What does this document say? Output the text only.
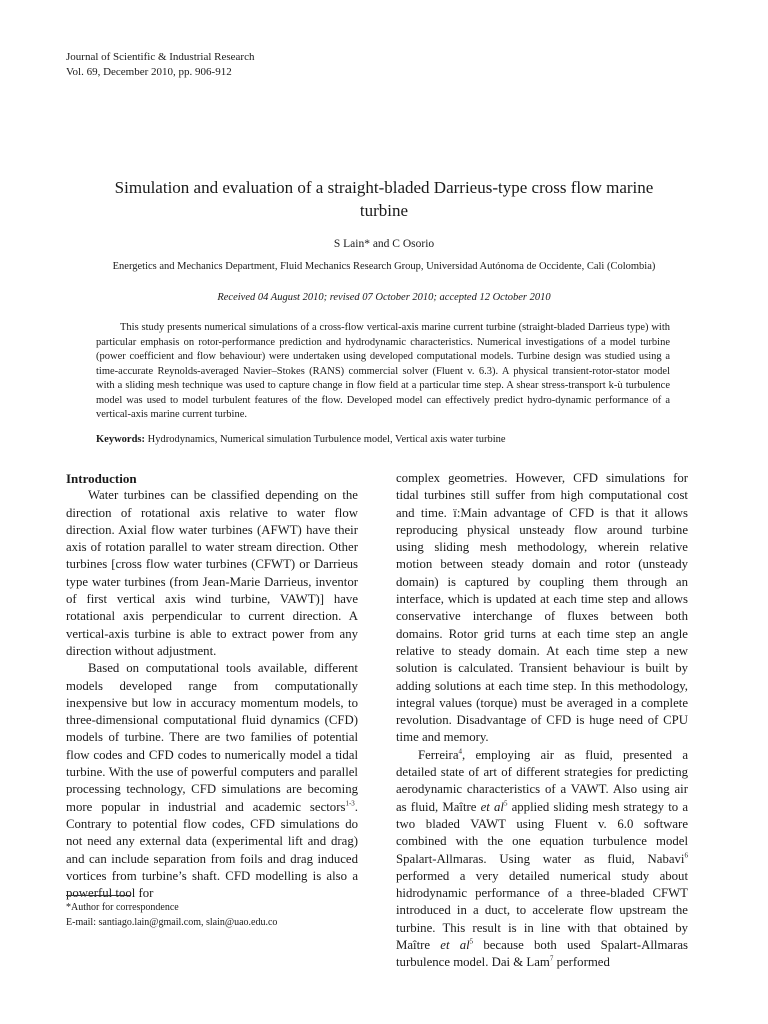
Journal of Scientific & Industrial Research
Vol. 69, December 2010, pp. 906-912
Simulation and evaluation of a straight-bladed Darrieus-type cross flow marine turbine
S Lain* and C Osorio
Energetics and Mechanics Department, Fluid Mechanics Research Group, Universidad Autónoma de Occidente, Cali (Colombia)
Received 04 August 2010; revised 07 October 2010; accepted 12 October 2010
This study presents numerical simulations of a cross-flow vertical-axis marine current turbine (straight-bladed Darrieus type) with particular emphasis on rotor-performance prediction and hydrodynamic characteristics. Numerical investigations of a model turbine (power coefficient and flow behaviour) were undertaken using developed computational models. Turbine design was studied using a time-accurate Reynolds-averaged Navier–Stokes (RANS) commercial solver (Fluent v. 6.3). A physical transient-rotor-stator model with a sliding mesh technique was used to capture change in flow field at a particular time step. A shear stress-transport k-ù turbulence model was used to model turbulent features of the flow. Developed model can effectively predict hydro-dynamic performance of a vertical-axis marine current turbine.
Keywords: Hydrodynamics, Numerical simulation Turbulence model, Vertical axis water turbine

Introduction

Water turbines can be classified depending on the direction of rotational axis relative to water flow direction. Axial flow water turbines (AFWT) have their axis of rotation parallel to water stream direction. Other turbines [cross flow water turbines (CFWT) or Darrieus type water turbines (from Jean-Marie Darrieus, inventor of first vertical axis wind turbine, VAWT)] have rotational axis perpendicular to current direction. A vertical-axis turbine is able to extract power from any direction without adjustment.

Based on computational tools available, different models developed range from computationally inexpensive but low in accuracy momentum models, to three-dimensional computational fluid dynamics (CFD) models of turbine. There are two families of potential flow codes and CFD codes to numerically model a tidal turbine. With the use of powerful computers and parallel processing technology, CFD simulations are becoming more popular in industrial and academic sectors$^{1-3}$. Contrary to potential flow codes, CFD simulations do not need any external data (experimental lift and drag) and can include separation from foils and drag induced vortices from turbine’s shaft. CFD modelling is also a powerful tool for

complex geometries. However, CFD simulations for tidal turbines still suffer from high computational cost and time. ï:Main advantage of CFD is that it allows reproducing physical unsteady flow around turbine using sliding mesh methodology, wherein relative motion between steady domain and rotor (unsteady domain) is captured by coupling them through an interface, which is updated at each time step and allows conservative interchange of fluxes between both domains. Rotor grid turns at each time step an angle relative to steady domain. At each time step a new solution is calculated. Transient behaviour is built by adding solutions at each time step. In this methodology, integral values (torque) must be averaged in a complete revolution. Disadvantage of CFD is huge need of CPU time and memory.

Ferreira$^4$, employing air as fluid, presented a detailed state of art of different strategies for predicting aerodynamic characteristics of a VAWT. Also using air as fluid, Maître et $al^5$ applied sliding mesh strategy to a two bladed VAWT using Fluent v. 6.0 software combined with the one equation turbulence model Spalart-Allmaras. Using water as fluid, Nabavi$^6$ performed a very detailed numerical study about hidrodynamic performance of a three-bladed CFWT introduced in a duct, to accelerate flow upstream the turbine. This result is in line with that obtained by Maître et $al^5$ because both used Spalart-Allmaras turbulence model. Dai & Lam$^7$ performed

*Author for correspondence
E-mail: santiago.lain@gmail.com, slain@uao.edu.co
